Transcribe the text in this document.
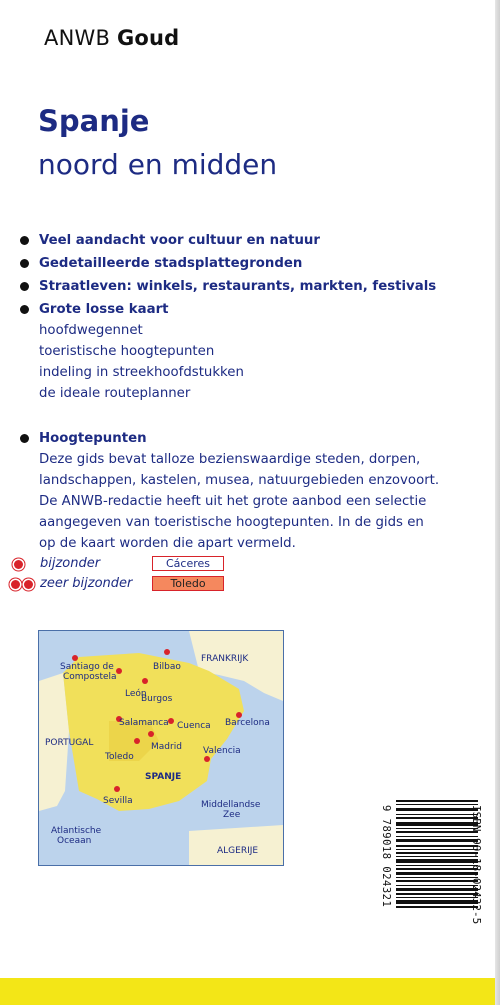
ANWB Goud
Spanje
noord en midden
Veel aandacht voor cultuur en natuur
Gedetailleerde stadsplattegronden
Straatleven: winkels, restaurants, markten, festivals
Grote losse kaart
hoofdwegennet
toeristische hoogtepunten
indeling in streekhoofdstukken
de ideale routeplanner
Hoogtepunten
Deze gids bevat talloze bezienswaardige steden, dorpen,
landschappen, kastelen, musea, natuurgebieden enzovoort.
De ANWB-redactie heeft uit het grote aanbod een selectie
aangegeven van toeristische hoogtepunten. In de gids en
op de kaart worden die apart vermeld.
bijzonder	Cáceres
zeer bijzonder	Toledo
Santiago de
Compostela
Bilbao
León
Burgos
Salamanca Cuenca Barcelona
Madrid
Toledo
Valencia
Sevilla
FRANKRIJK
PORTUGAL
SPANJE
Middellandse
Zee
Atlantische
Oceaan
ALGERIJE	ISBN 90-18-02432-5
9 789018 024321
